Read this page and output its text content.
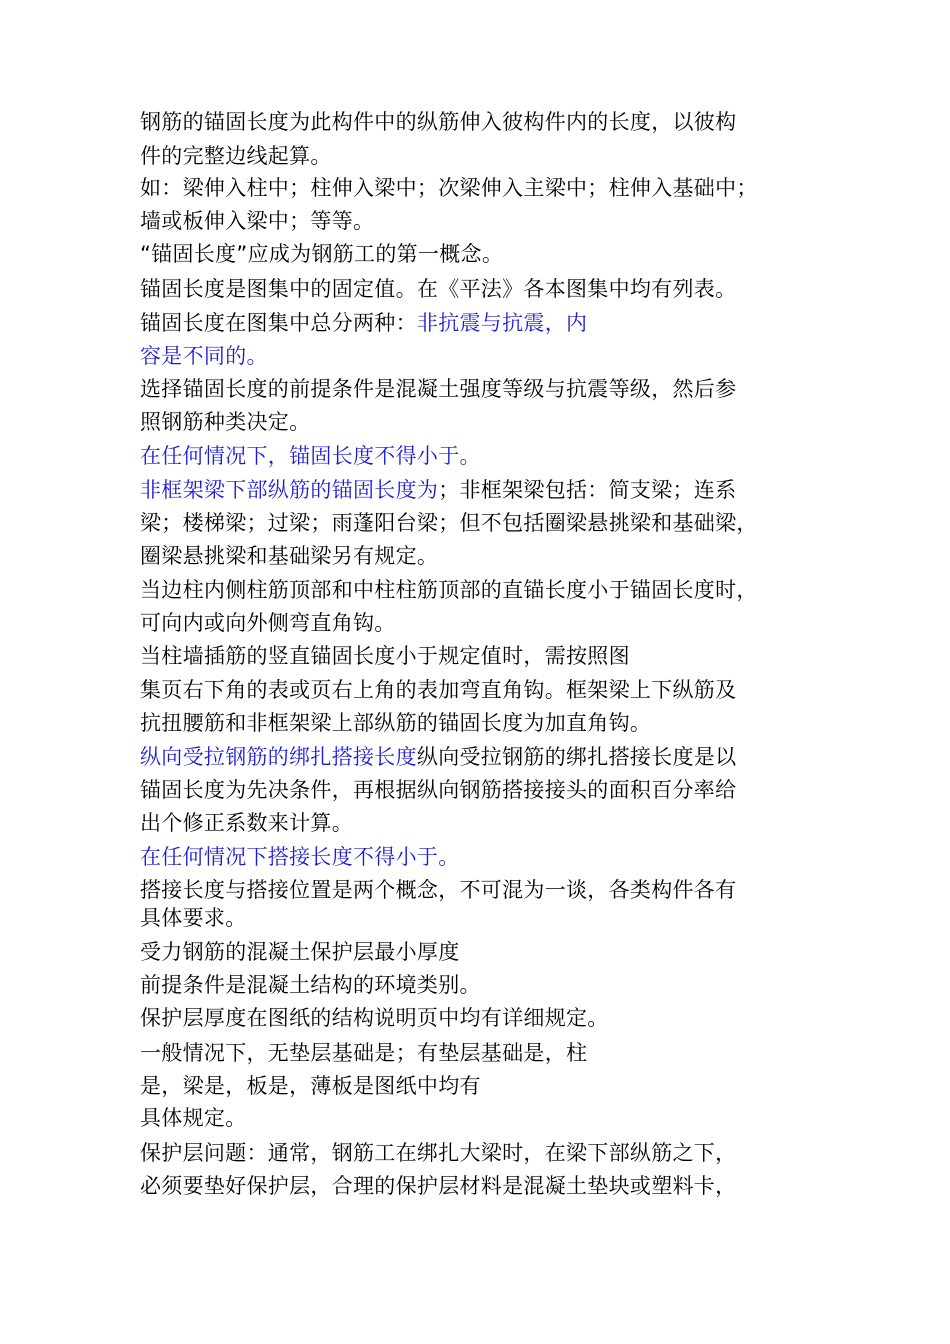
钢筋的锚固长度为此构件中的纵筋伸入彼构件内的长度，以彼构
件的完整边线起算。
如：梁伸入柱中；柱伸入梁中；次梁伸入主梁中；柱伸入基础中；
墙或板伸入梁中；等等。
“锚固长度”应成为钢筋工的第一概念。
锚固长度是图集中的固定值。在《平法》各本图集中均有列表。
锚固长度在图集中总分两种：非抗震与抗震，内
容是不同的。
选择锚固长度的前提条件是混凝土强度等级与抗震等级，然后参
照钢筋种类决定。
在任何情况下，锚固长度不得小于。
非框架梁下部纵筋的锚固长度为；非框架梁包括：简支梁；连系
梁；楼梯梁；过梁；雨蓬阳台梁；但不包括圈梁悬挑梁和基础梁，
圈梁悬挑梁和基础梁另有规定。
当边柱内侧柱筋顶部和中柱柱筋顶部的直锚长度小于锚固长度时，
可向内或向外侧弯直角钩。
当柱墙插筋的竖直锚固长度小于规定值时，需按照图
集页右下角的表或页右上角的表加弯直角钩。框架梁上下纵筋及
抗扭腰筋和非框架梁上部纵筋的锚固长度为加直角钩。
纵向受拉钢筋的绑扎搭接长度纵向受拉钢筋的绑扎搭接长度是以
锚固长度为先决条件，再根据纵向钢筋搭接接头的面积百分率给
出个修正系数来计算。
在任何情况下搭接长度不得小于。
搭接长度与搭接位置是两个概念，不可混为一谈，各类构件各有
具体要求。
受力钢筋的混凝土保护层最小厚度
前提条件是混凝土结构的环境类别。
保护层厚度在图纸的结构说明页中均有详细规定。
一般情况下，无垫层基础是；有垫层基础是，柱
是，梁是，板是，薄板是图纸中均有
具体规定。
保护层问题：通常，钢筋工在绑扎大梁时，在梁下部纵筋之下，
必须要垫好保护层，合理的保护层材料是混凝土垫块或塑料卡，
